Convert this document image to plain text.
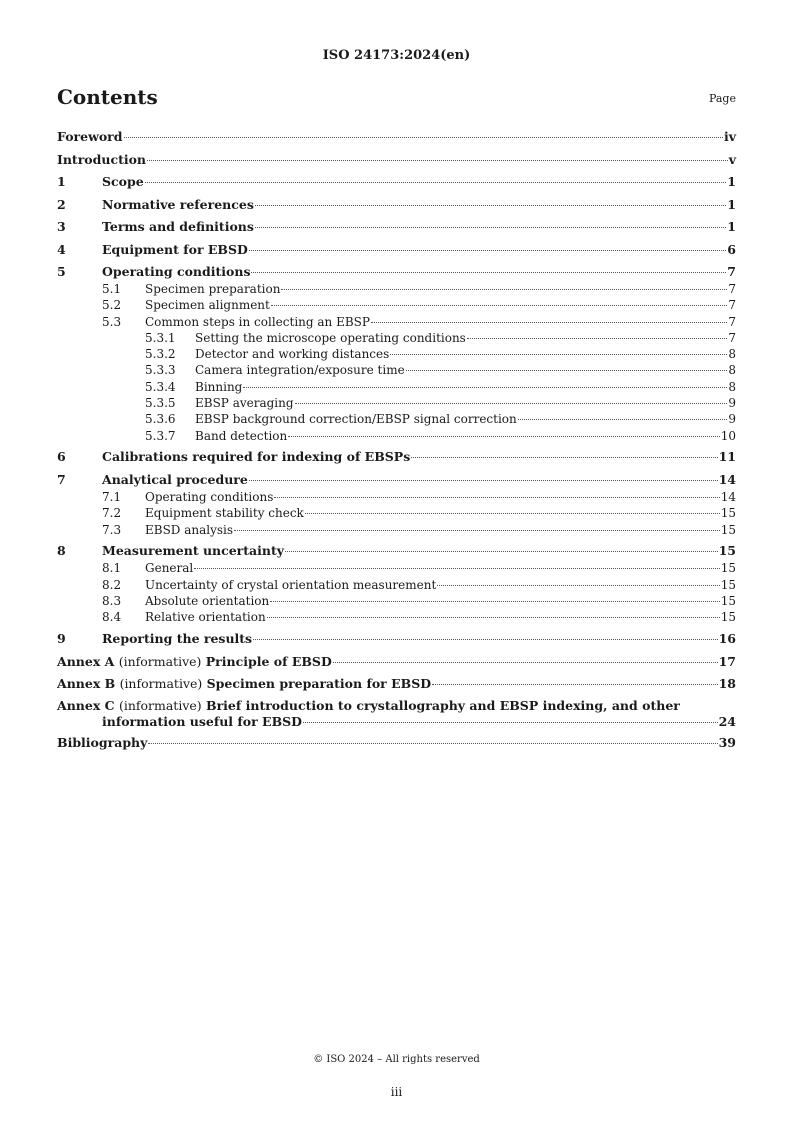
ISO 24173:2024(en)
Contents	Page
Foreword	iv
Introduction	v
1	Scope	1
2	Normative references	1
3	Terms and definitions	1
4	Equipment for EBSD	6
5	Operating conditions	7
5.1	Specimen preparation	7
5.2	Specimen alignment	7
5.3	Common steps in collecting an EBSP	7
5.3.1	Setting the microscope operating conditions	7
5.3.2	Detector and working distances	8
5.3.3	Camera integration/exposure time	8
5.3.4	Binning	8
5.3.5	EBSP averaging	9
5.3.6	EBSP background correction/EBSP signal correction	9
5.3.7	Band detection	10
6	Calibrations required for indexing of EBSPs	11
7	Analytical procedure	14
7.1	Operating conditions	14
7.2	Equipment stability check	15
7.3	EBSD analysis	15
8	Measurement uncertainty	15
8.1	General	15
8.2	Uncertainty of crystal orientation measurement	15
8.3	Absolute orientation	15
8.4	Relative orientation	15
9	Reporting the results	16
Annex A (informative) Principle of EBSD	17
Annex B (informative) Specimen preparation for EBSD	18
Annex C (informative) Brief introduction to crystallography and EBSP indexing, and other
information useful for EBSD	24
Bibliography	39
© ISO 2024 – All rights reserved
iii
